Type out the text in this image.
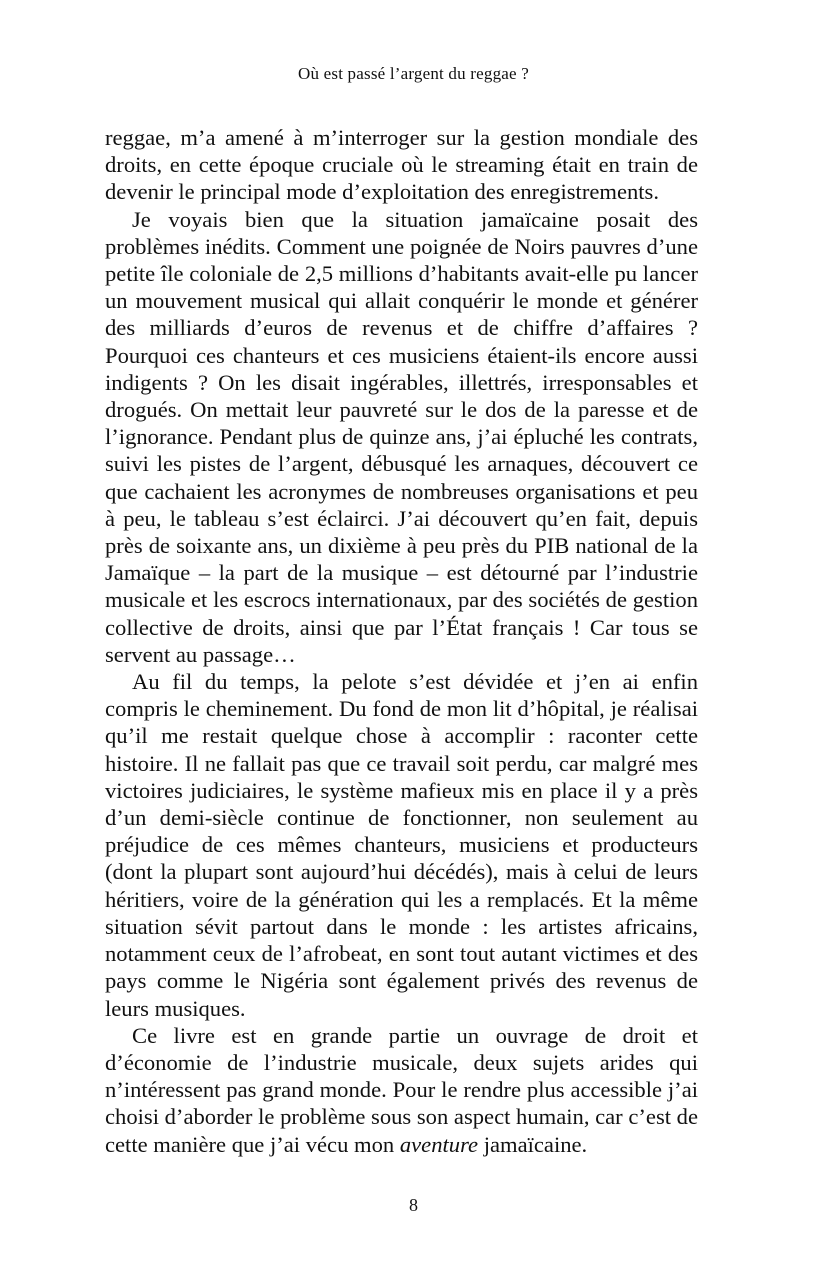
Où est passé l’argent du reggae ?

reggae, m’a amené à m’interroger sur la gestion mondiale des droits, en cette époque cruciale où le streaming était en train de devenir le principal mode d’exploitation des enregistrements.

Je voyais bien que la situation jamaïcaine posait des problèmes inédits. Comment une poignée de Noirs pauvres d’une petite île coloniale de 2,5 millions d’habitants avait-elle pu lancer un mouvement musical qui allait conquérir le monde et générer des milliards d’euros de revenus et de chiffre d’affaires ? Pourquoi ces chanteurs et ces musiciens étaient-ils encore aussi indigents ? On les disait ingérables, illettrés, irresponsables et drogués. On mettait leur pauvreté sur le dos de la paresse et de l’ignorance. Pendant plus de quinze ans, j’ai épluché les contrats, suivi les pistes de l’argent, débusqué les arnaques, découvert ce que cachaient les acronymes de nombreuses organisations et peu à peu, le tableau s’est éclairci. J’ai découvert qu’en fait, depuis près de soixante ans, un dixième à peu près du PIB national de la Jamaïque – la part de la musique – est détourné par l’industrie musicale et les escrocs internationaux, par des sociétés de gestion collective de droits, ainsi que par l’État français ! Car tous se servent au passage…

Au fil du temps, la pelote s’est dévidée et j’en ai enfin compris le cheminement. Du fond de mon lit d’hôpital, je réalisai qu’il me restait quelque chose à accomplir : raconter cette histoire. Il ne fallait pas que ce travail soit perdu, car malgré mes victoires judiciaires, le système mafieux mis en place il y a près d’un demi-siècle continue de fonctionner, non seulement au préjudice de ces mêmes chanteurs, musiciens et producteurs (dont la plupart sont aujourd’hui décédés), mais à celui de leurs héritiers, voire de la génération qui les a remplacés. Et la même situation sévit partout dans le monde : les artistes africains, notamment ceux de l’afrobeat, en sont tout autant victimes et des pays comme le Nigéria sont également privés des revenus de leurs musiques.

Ce livre est en grande partie un ouvrage de droit et d’économie de l’industrie musicale, deux sujets arides qui n’intéressent pas grand monde. Pour le rendre plus accessible j’ai choisi d’aborder le problème sous son aspect humain, car c’est de cette manière que j’ai vécu mon aventure jamaïcaine.

8
